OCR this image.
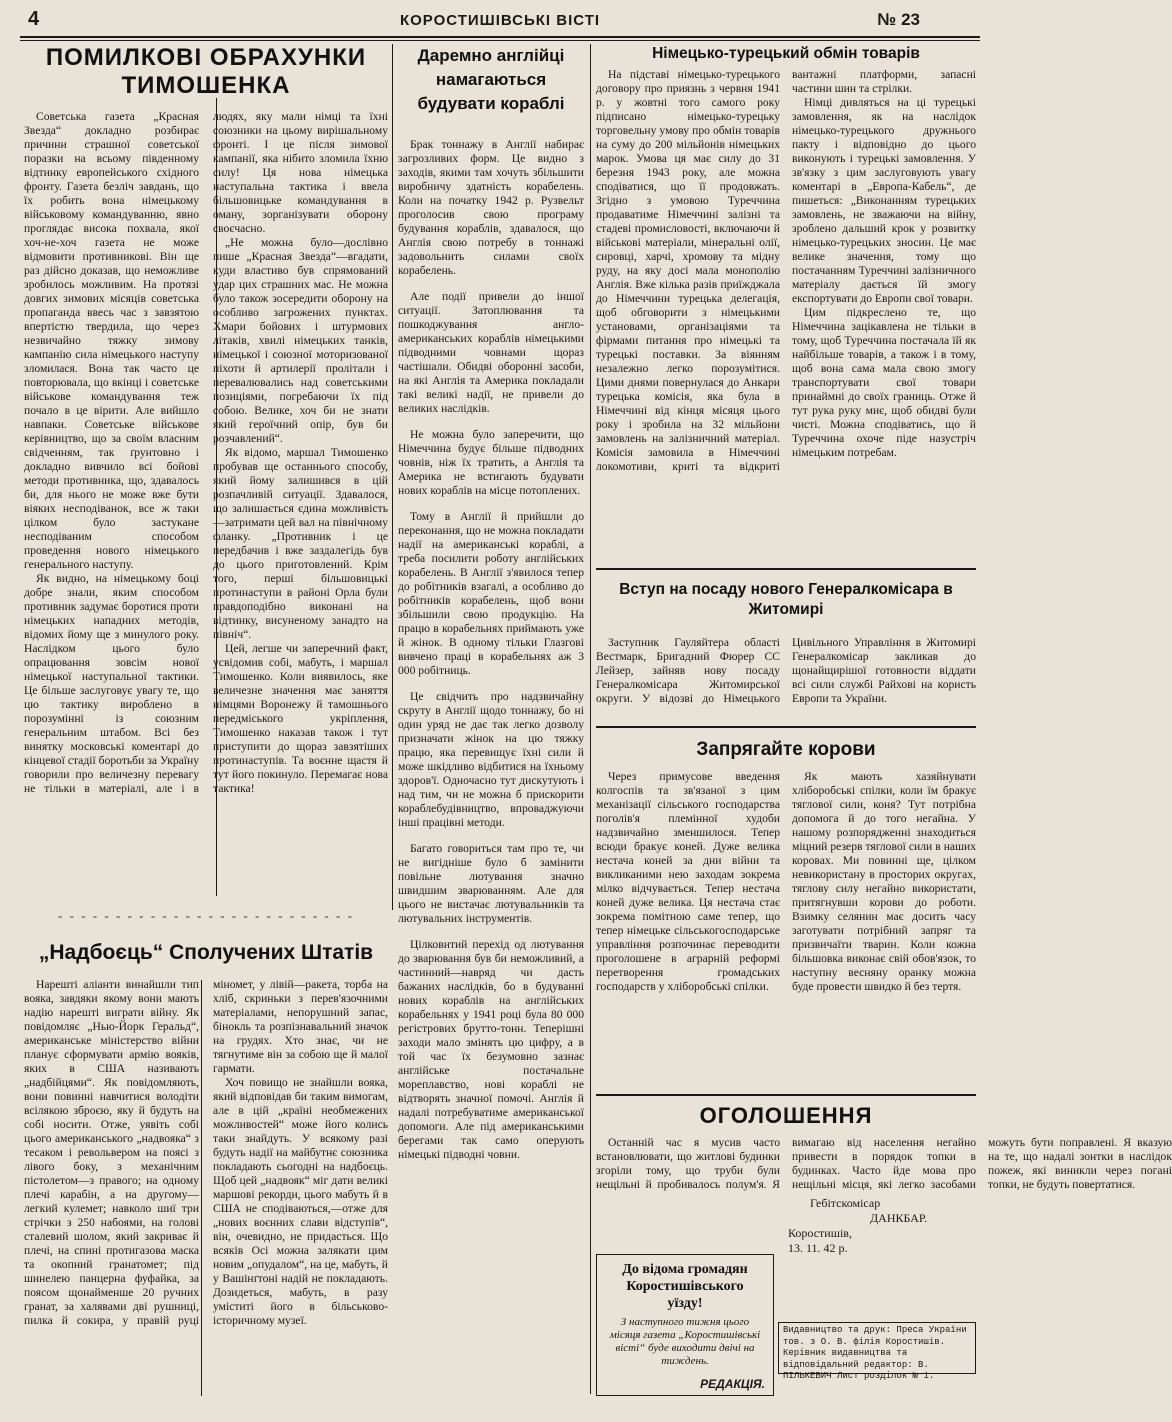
4	КОРОСТИШІВСЬКІ ВІСТІ	№ 23
ПОМИЛКОВІ ОБРАХУНКИ
ТИМОШЕНКА

Советська газета „Красная Звезда“ докладно розбирає причини страшної советської поразки на всьому південному відтинку европейського східного фронту. Газета безліч завдань, що їх робить вона німецькому військовому командуванню, явно проглядає висока похвала, якої хоч-не-хоч газета не може відмовити противникові. Він ще раз дійсно доказав, що неможливе зробилось можливим. На протязі довгих зимових місяців советська пропаганда ввесь час з завзятою впертістю твердила, що через незвичайно тяжку зимову кампанію сила німецького наступу зломилася. Вона так часто це повторювала, що вкінці і советське військове командування теж почало в це вірити. Але вийшло навпаки. Советське військове керівництво, що за своїм власним свідченням, так ґрунтовно і докладно вивчило всі бойові методи противника, що, здавалось би, для нього не може вже бути віяких несподіванок, все ж таки цілком було застукане несподіваним способом проведення нового німецького генерального наступу.

Як видно, на німецькому боці добре знали, яким способом противник задумає боротися проти німецьких нападних методів, відомих йому ще з минулого року. Наслідком цього було опрацювання зовсім нової німецької наступальної тактики. Це більше заслуговує увагу те, що цю тактику вироблено в порозумінні із союзним генеральним штабом. Всі без винятку московські коментарі до кінцевої стадії боротьби за Україну говорили про величезну перевагу не тільки в матеріалі, але і в людях, яку мали німці та їхні союзники на цьому вирішальному фронті. І це після зимової кампанії, яка нібито зломила їхню силу! Ця нова німецька наступальна тактика і ввела більшовицьке командування в оману, зорганізувати оборону своєчасно.

„Не можна було—дослівно пише „Красная Звезда“—вгадати, куди властиво був спрямований удар цих страшних мас. Не можна було також зосередити оборону на особливо загрожених пунктах. Хмари бойових і штурмових літаків, хвилі німецьких танків, німецької і союзної моторизованої піхоти й артилерії пролітали і перевалювались над советськими позиціями, погребаючи їх під собою. Велике, хоч би не знати який героїчний опір, був би розчавлений“.

Як відомо, маршал Тимошенко пробував ще останнього способу, який йому залишився в цій розпачливій ситуації. Здавалося, що залишається єдина можливість—затримати цей вал на північному фланку. „Противник і це передбачив і вже заздалегідь був до цього приготовлений. Крім того, перші більшовицькі протинаступи в районі Орла були правдоподібно виконані на відтинку, висуненому занадто на північ“.

Цей, легше чи заперечний факт, усвідомив собі, мабуть, і маршал Тимошенко. Коли виявилось, яке величезне значення має заняття німцями Воронежу й тамошнього передміського укріплення, Тимошенко наказав також і тут приступити до щораз завзятіших протинаступів. Та воєнне щастя й тут його покинуло. Перемагає нова тактика!

- - - - - - - - - - - - - - - - - - - - - - - - - -
„Надбоєць“ Сполучених Штатів

Нарешті аліанти винайшли тип вояка, завдяки якому вони мають надію нарешті виграти війну. Як повідомляє „Нью-Йорк Геральд“, американське міністерство війни планує сформувати армію вояків, яких в США називають „надбійцями“. Як повідомляють, вони повинні навчитися володіти всілякою зброєю, яку й будуть на собі носити. Отже, уявіть собі цього американського „надвояка“ з тесаком і револьвером на поясі з лівого боку, з механічним пістолетом—з правого; на одному плечі карабін, а на другому—легкий кулемет; навколо шиї три стрічки з 250 набоями, на голові сталевий шолом, який закриває й плечі, на спині протигазова маска та окопний гранатомет; під шинелею панцерна фуфайка, за поясом щонайменше 20 ручних гранат, за халявами дві рушниці, пилка й сокира, у правій руці міномет, у лівій—ракета, торба на хліб, скриньки з перев'язочними матеріалами, непорушний запас, бінокль та розпізнавальний значок на грудях. Хто знає, чи не тягнутиме він за собою ще й малої гармати.

Хоч повищо не знайшли вояка, який відповідав би таким вимогам, але в цій „країні необмежених можливостей“ може його колись таки знайдуть. У всякому разі будуть надії на майбутнє союзника покладають сьогодні на надбоєць. Щоб цей „надвояк“ міг дати великі маршові рекорди, цього мабуть й в США не сподіваються,—отже для „нових воєнних слави відступів“, він, очевидно, не придасться. Що всяків Осі можна залякати цим новим „опудалом“, на це, мабуть, й у Вашінґтоні надій не покладають. Дозидеться, мабуть, в разу уміститі його в більськово-історичному музеї.

Даремно англійці
намагаються
будувати кораблі

Брак тоннажу в Англії набирає загрозливих форм. Це видно з заходів, якими там хочуть збільшити виробничу здатність корабелень. Коли на початку 1942 р. Рузвельт проголосив свою програму будування кораблів, здавалося, що Англія свою потребу в тоннажі задовольнить силами своїх корабелень.

Але події привели до іншої ситуації. Затоплювання та пошкоджування англо-американських кораблів німецькими підводними човнами щораз частішали. Обидві оборонні засоби, на які Англія та Америка покладали такі великі надії, не привели до великих наслідків.

Не можна було заперечити, що Німеччина будує більше підводних човнів, ніж їх тратить, а Англія та Америка не встигають будувати нових кораблів на місце потоплених.

Тому в Англії й прийшли до переконання, що не можна покладати надії на американські кораблі, а треба посилити роботу англійських корабелень. В Англії з'явилося тепер до робітників взагалі, а особливо до робітників корабелень, щоб вони збільшили свою продукцію. На працю в корабельнях приймають уже й жінок. В одному тільки Глазгові вивчено праці в корабельнях аж 3 000 робітниць.

Це свідчить про надзвичайну скруту в Англії щодо тоннажу, бо ні один уряд не дає так легко дозволу призначати жінок на цю тяжку працю, яка перевищує їхні сили й може шкідливо відбитися на їхньому здоров'ї. Одночасно тут дискутують і над тим, чи не можна б прискорити кораблебудівництво, впроваджуючи інші працівні методи.

Багато говориться там про те, чи не вигідніше було б замінити повільне лютування значно швидшим зварюванням. Але для цього не вистачає лютувальників та лютувальних інструментів.

Цілковитий перехід од лютування до зварювання був би неможливий, а частинний—навряд чи дасть бажаних наслідків, бо в будуванні нових кораблів на англійських корабельнях у 1941 році була 80 000 регістрових брутто-тонн. Теперішні заходи мало змінять цю цифру, а в той час їх безумовно зазнає англійське постачальне мореплавство, нові кораблі не відтворять значної помочі. Англія й надалі потребуватиме американської допомоги. Але під американськими берегами так само оперують німецькі підводні човни.

Німецько-турецький обмін товарів

На підставі німецько-турецького договору про приязнь з червня 1941 р. у жовтні того самого року підписано німецько-турецьку торговельну умову про обмін товарів на суму до 200 мільйонів німецьких марок. Умова ця має силу до 31 березня 1943 року, але можна сподіватися, що її продовжать. Згідно з умовою Туреччина продаватиме Німеччині залізні та стадеві промисловості, включаючи й військові матеріали, мінеральні олії, сировці, харчі, хромову та мідну руду, на яку досі мала монополію Англія. Вже кілька разів приїжджала до Німеччини турецька делегація, щоб обговорити з німецькими установами, організаціями та фірмами питання про німецькі та турецькі поставки. За віянням незалежно легко порозумітися. Цими днями повернулася до Анкари турецька комісія, яка була в Німеччині від кінця місяця цього року і зробила на 32 мільйони замовлень на залізничний матеріал. Комісія замовила в Німеччині локомотиви, криті та відкриті вантажні платформи, запасні частини шин та стрілки.

Німці дивляться на ці турецькі замовлення, як на наслідок німецько-турецького дружнього пакту і відповідно до цього виконують і турецькі замовлення. У зв'язку з цим заслуговують увагу коментарі в „Европа-Кабель“, де пишеться: „Виконанням турецьких замовлень, не зважаючи на війну, зроблено дальший крок у розвитку німецько-турецьких зносин. Це має велике значення, тому що постачанням Туреччині залізничного матеріалу дається їй змогу експортувати до Европи свої товари.

Цим підкреслено те, що Німеччина зацікавлена не тільки в тому, щоб Туреччина постачала їй як найбільше товарів, а також і в тому, щоб вона сама мала свою змогу транспортувати свої товари принаймні до своїх границь. Отже й тут рука руку миє, щоб обидві були чисті. Можна сподіватись, що й Туреччина охоче піде назустріч німецьким потребам.

Вступ на посаду нового Генералкомісара в
Житомирі

Заступник Гауляйтера області Вестмарк, Бригадний Фюрер СС Лейзер, зайняв нову посаду Генералкомісара Житомирської округи. У відозві до Німецького Цивільного Управління в Житомирі Генералкомісар закликав до щонайщирішої готовности віддати всі сили службі Райхові на користь Европи та України.

Запрягайте корови

Через примусове введення колгоспів та зв'язаної з цим механізації сільського господарства поголів'я племінної худоби надзвичайно зменшилося. Тепер всюди бракує коней. Дуже велика нестача коней за дни війни та викликаними нею заходам зокрема мілко відчувається. Тепер нестача коней дуже велика. Ця нестача стає зокрема помітною саме тепер, що тепер німецьке сільськогосподарське управління розпочинає переводити проголошене в аграрній реформі перетворення громадських господарств у хліборобські спілки.

Як мають хазяйнувати хліборобські спілки, коли їм бракує тяглової сили, коня? Тут потрібна допомога й до того негайна. У нашому розпорядженні знаходиться міцний резерв тяглової сили в наших коровах. Ми повинні ще, цілком невикористану в просторих округах, тяглову силу негайно використати, притягнувши корови до роботи. Взимку селянин має досить часу заготувати потрібний запряг та призвичаїти тварин. Коли кожна більшовка виконає свій обов'язок, то наступну весняну оранку можна буде провести швидко й без тертя.

ОГОЛОШЕННЯ

Останній час я мусив часто встановлювати, що житлові будинки згоріли тому, що труби були нещільні й пробивалось полум'я. Я вимагаю від населення негайно привести в порядок топки в будинках. Часто йде мова про нещільні місця, які легко засобами можуть бути поправлені. Я вказую на те, що надалі зонтки в наслідок пожеж, які виникли через погані топки, не будуть повертатися.

Гебітскомісар
ДАНКБАР.
Коростишів,
13. 11. 42 р.
До відома громадян
Коростишівського
уїзду!
З наступного тижня цього місяця газета „Коростишівські вісті“ буде виходити двічі на тиждень.
РЕДАКЦІЯ.
Видавництво та друк: Преса України тов. з О. В. філія Коростишів. Керівник видавництва та відповідальний редактор: В. ПІЛЬКЕВИЧ Лист розділок № 1.
